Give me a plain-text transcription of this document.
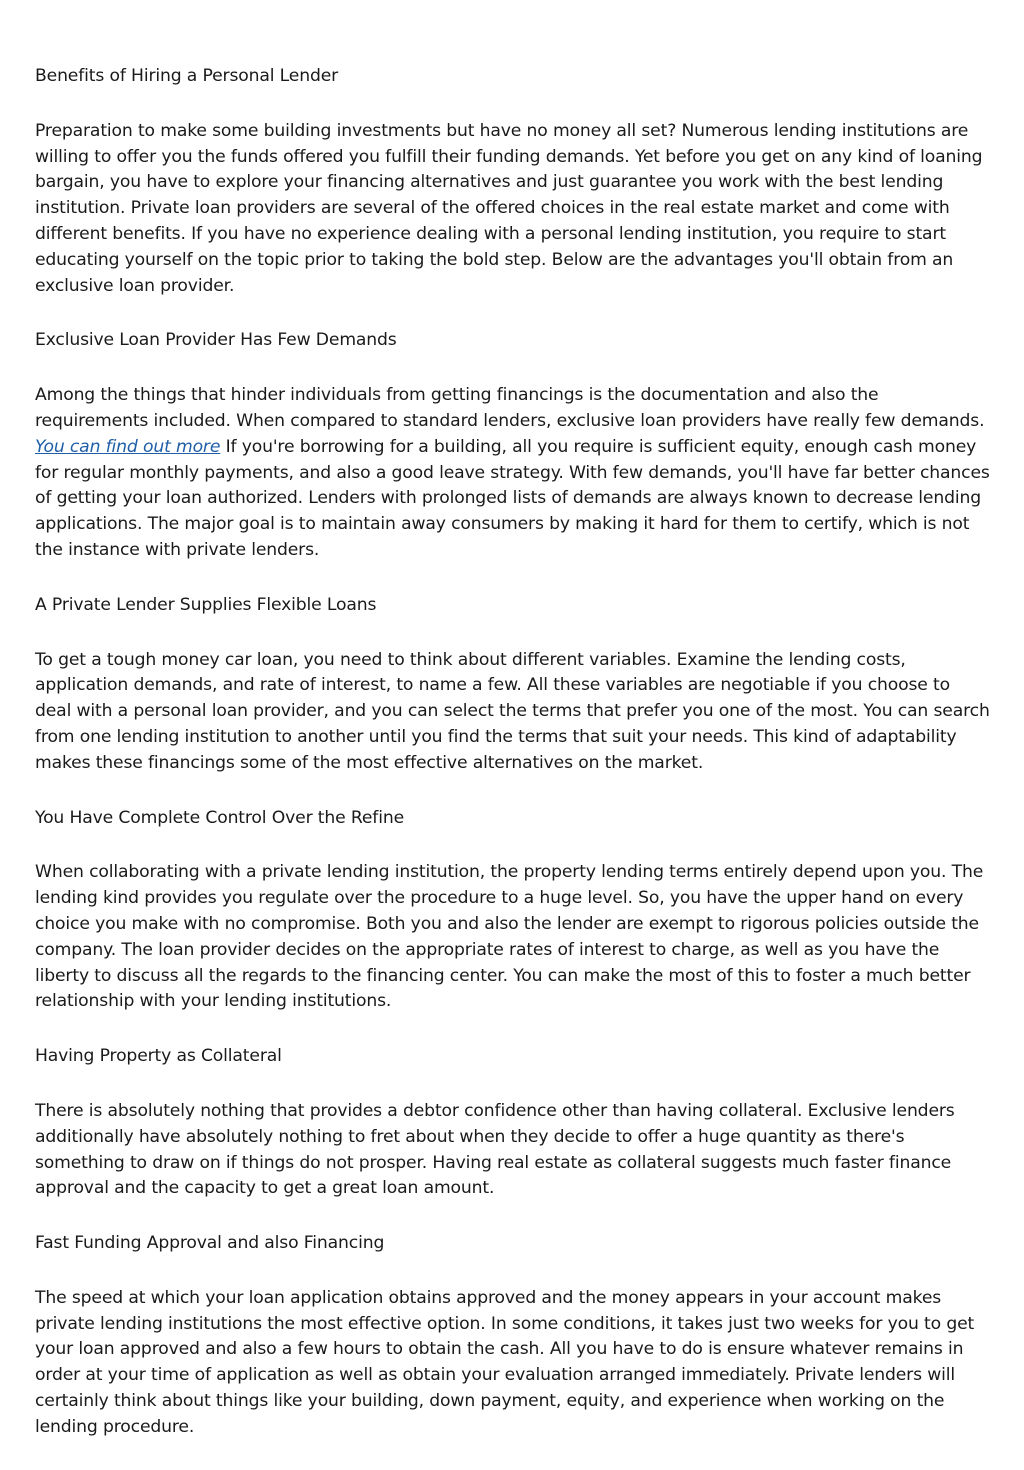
Benefits of Hiring a Personal Lender

Preparation to make some building investments but have no money all set? Numerous lending institutions are willing to offer you the funds offered you fulfill their funding demands. Yet before you get on any kind of loaning bargain, you have to explore your financing alternatives and just guarantee you work with the best lending institution. Private loan providers are several of the offered choices in the real estate market and come with different benefits. If you have no experience dealing with a personal lending institution, you require to start educating yourself on the topic prior to taking the bold step. Below are the advantages you'll obtain from an exclusive loan provider.

Exclusive Loan Provider Has Few Demands

Among the things that hinder individuals from getting financings is the documentation and also the requirements included. When compared to standard lenders, exclusive loan providers have really few demands. You can find out more If you're borrowing for a building, all you require is sufficient equity, enough cash money for regular monthly payments, and also a good leave strategy. With few demands, you'll have far better chances of getting your loan authorized. Lenders with prolonged lists of demands are always known to decrease lending applications. The major goal is to maintain away consumers by making it hard for them to certify, which is not the instance with private lenders.

A Private Lender Supplies Flexible Loans

To get a tough money car loan, you need to think about different variables. Examine the lending costs, application demands, and rate of interest, to name a few. All these variables are negotiable if you choose to deal with a personal loan provider, and you can select the terms that prefer you one of the most. You can search from one lending institution to another until you find the terms that suit your needs. This kind of adaptability makes these financings some of the most effective alternatives on the market.

You Have Complete Control Over the Refine

When collaborating with a private lending institution, the property lending terms entirely depend upon you. The lending kind provides you regulate over the procedure to a huge level. So, you have the upper hand on every choice you make with no compromise. Both you and also the lender are exempt to rigorous policies outside the company. The loan provider decides on the appropriate rates of interest to charge, as well as you have the liberty to discuss all the regards to the financing center. You can make the most of this to foster a much better relationship with your lending institutions.

Having Property as Collateral

There is absolutely nothing that provides a debtor confidence other than having collateral. Exclusive lenders additionally have absolutely nothing to fret about when they decide to offer a huge quantity as there's something to draw on if things do not prosper. Having real estate as collateral suggests much faster finance approval and the capacity to get a great loan amount.

Fast Funding Approval and also Financing

The speed at which your loan application obtains approved and the money appears in your account makes private lending institutions the most effective option. In some conditions, it takes just two weeks for you to get your loan approved and also a few hours to obtain the cash. All you have to do is ensure whatever remains in order at your time of application as well as obtain your evaluation arranged immediately. Private lenders will certainly think about things like your building, down payment, equity, and experience when working on the lending procedure.
